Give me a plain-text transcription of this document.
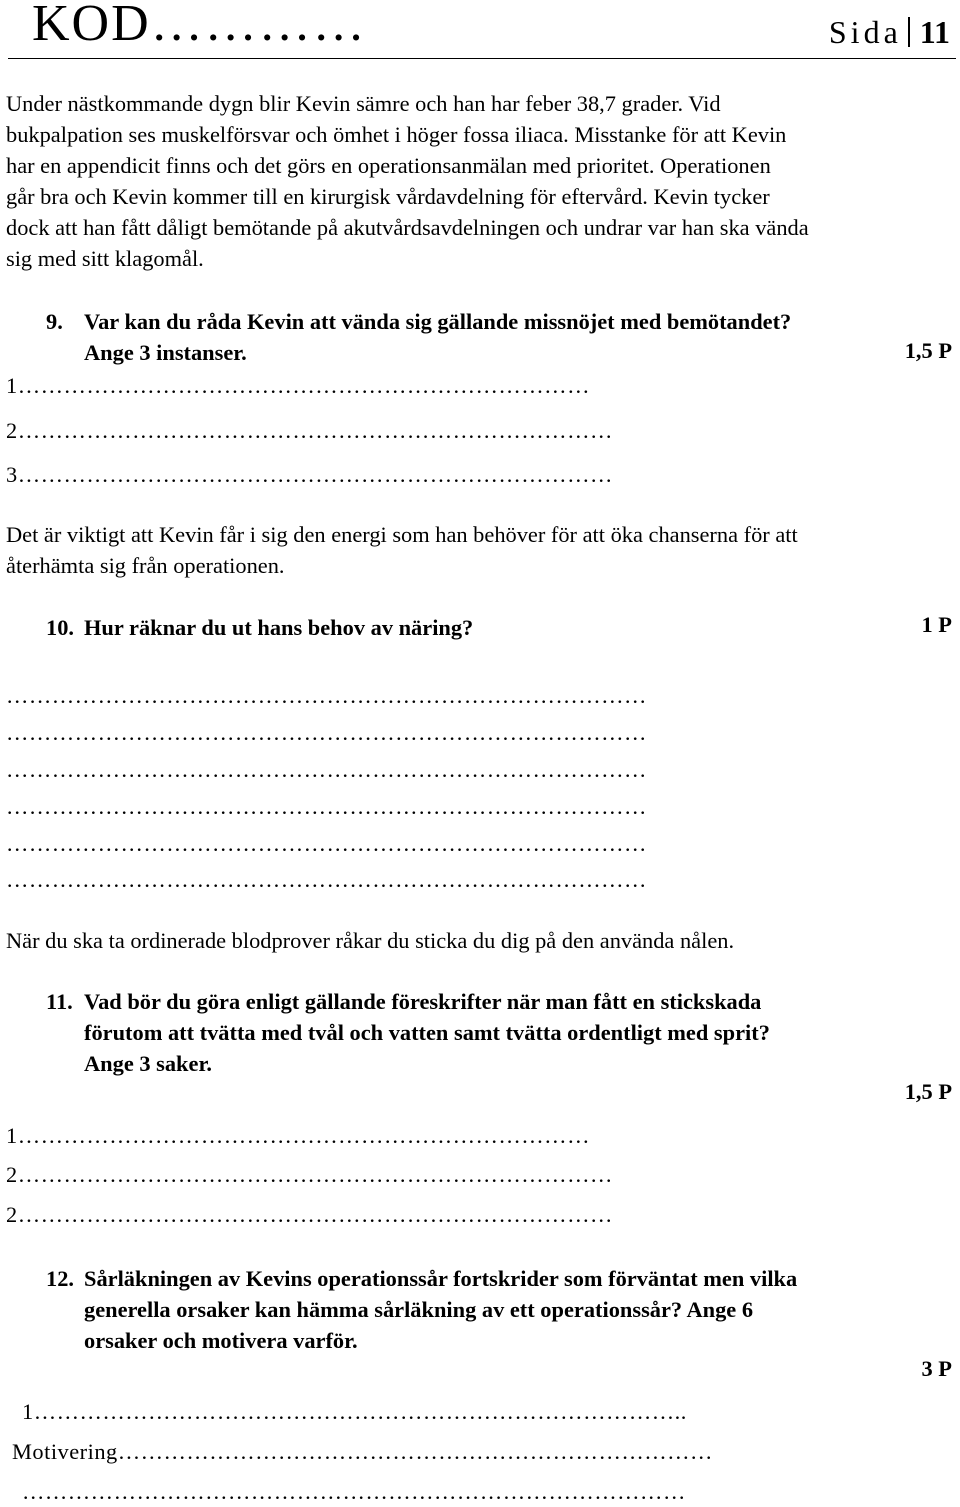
KOD…………	Sida 11

Under nästkommande dygn blir Kevin sämre och han har feber 38,7 grader. Vid

bukpalpation ses muskelförsvar och ömhet i höger fossa iliaca. Misstanke för att Kevin

har en appendicit finns och det görs en operationsanmälan med prioritet. Operationen

går bra och Kevin kommer till en kirurgisk vårdavdelning för eftervård. Kevin tycker

dock att han fått dåligt bemötande på akutvårdsavdelningen och undrar var han ska vända

sig med sitt klagomål.

9. Var kan du råda Kevin att vända sig gällande missnöjet med bemötandet?
Ange 3 instanser.	1,5 P
1…………………………………………………………………
2……………………………………………………………………
3……………………………………………………………………

Det är viktigt att Kevin får i sig den energi som han behöver för att öka chanserna för att

återhämta sig från operationen.

10. Hur räknar du ut hans behov av näring?	1 P
…………………………………………………………………………
…………………………………………………………………………
…………………………………………………………………………
…………………………………………………………………………
…………………………………………………………………………
…………………………………………………………………………

När du ska ta ordinerade blodprover råkar du sticka du dig på den använda nålen.

11. Vad bör du göra enligt gällande föreskrifter när man fått en stickskada
förutom att tvätta med tvål och vatten samt tvätta ordentligt med sprit?
Ange 3 saker.
1,5 P
1…………………………………………………………………
2……………………………………………………………………
2……………………………………………………………………
12. Sårläkningen av Kevins operationssår fortskrider som förväntat men vilka
generella orsaker kan hämma sårläkning av ett operationssår? Ange 6
orsaker och motivera varför.
3 P
1…………………………………………………………………………..
Motivering……………………………………………………………………
……………………………………………………………………………
